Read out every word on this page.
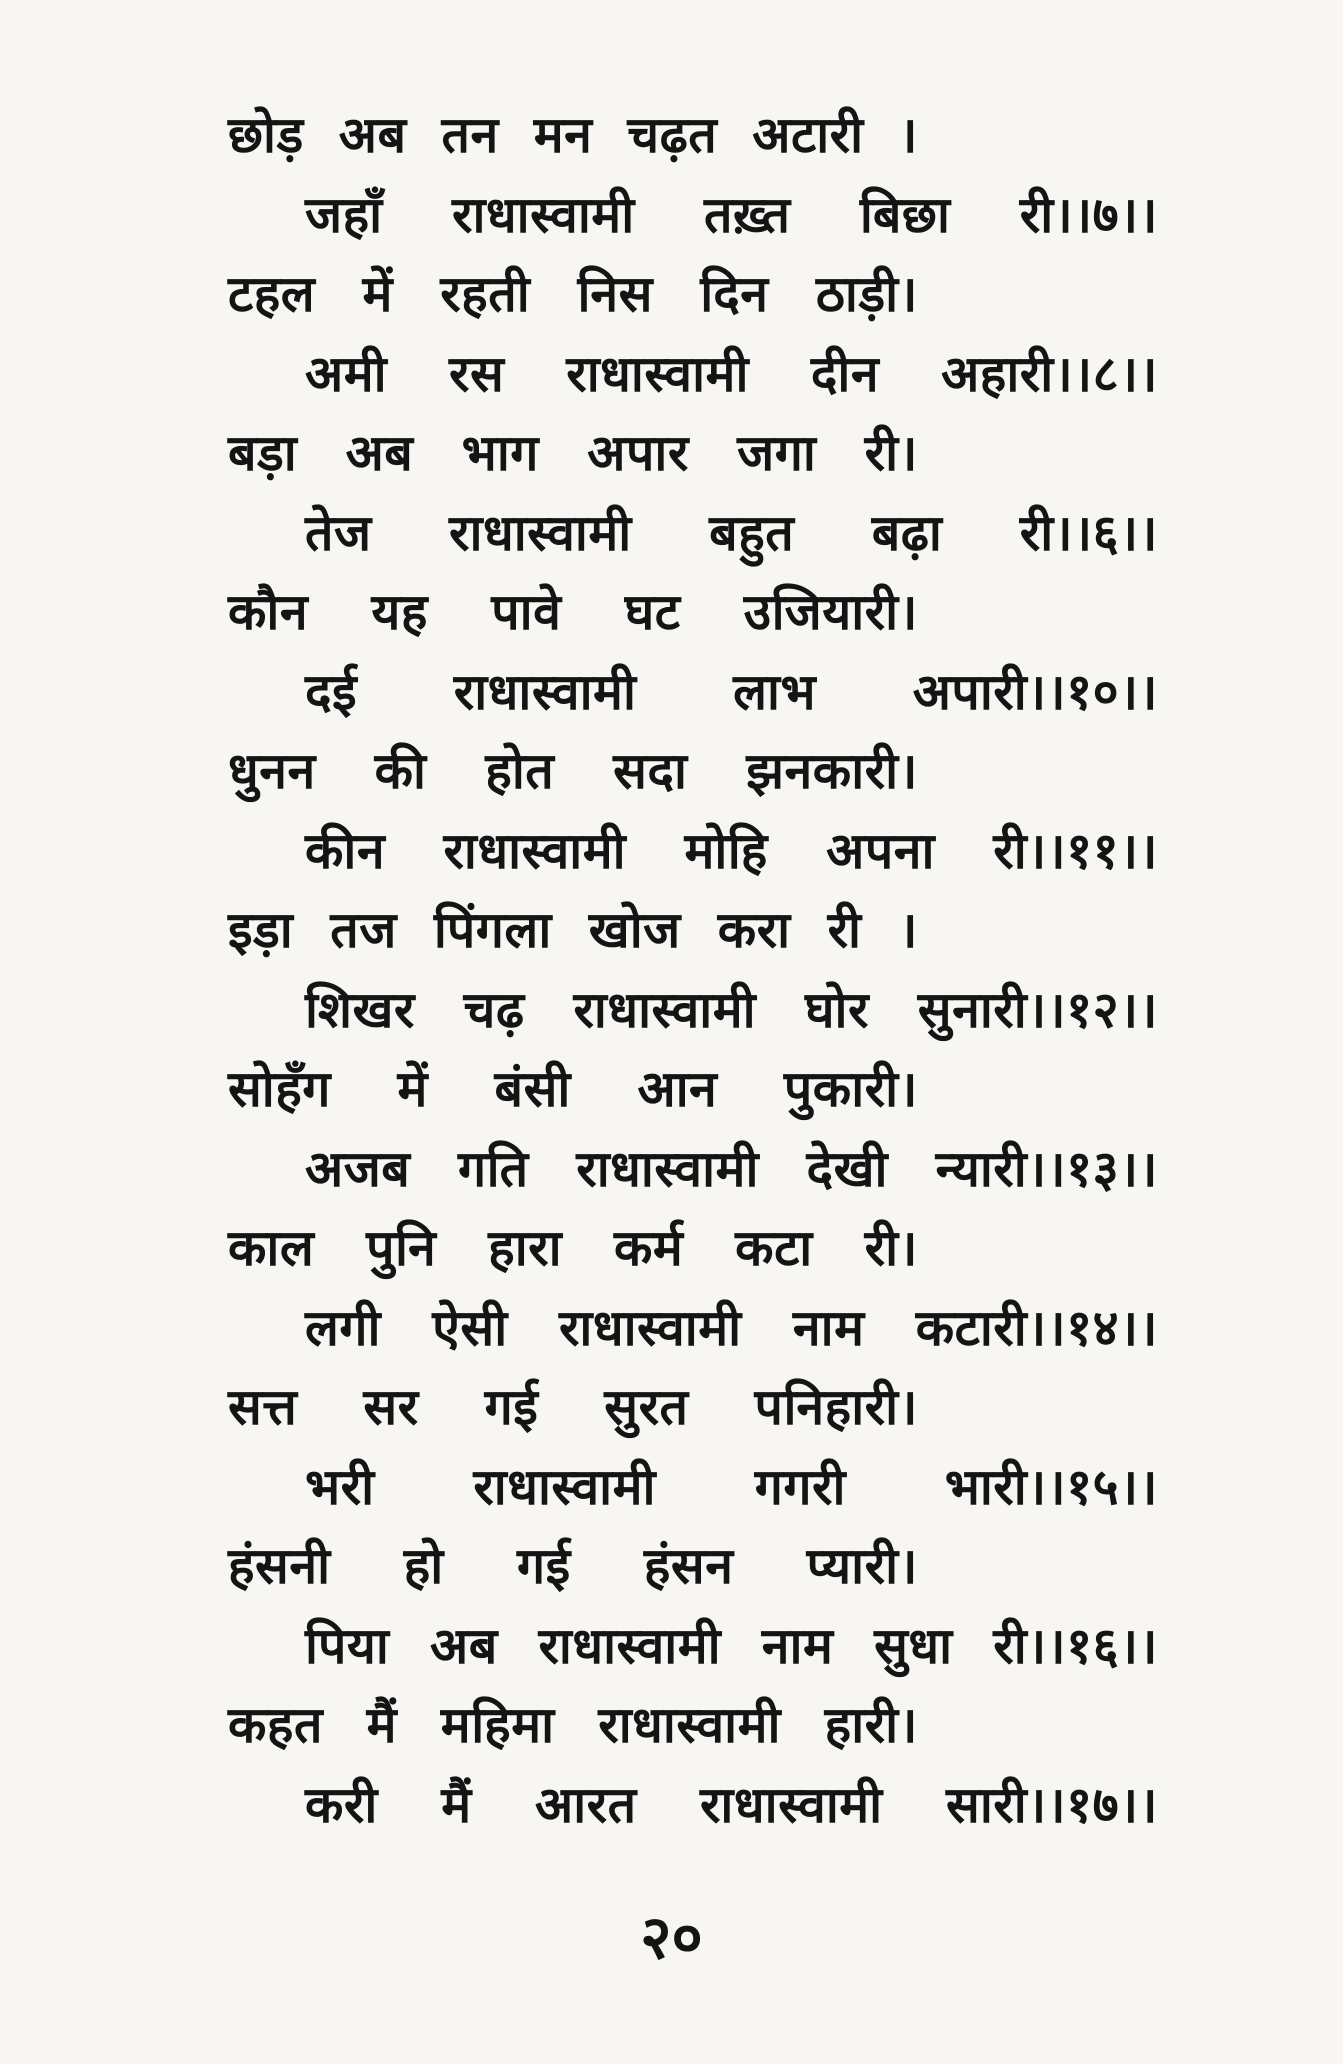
छोड़ अब तन मन चढ़त अटारी ।
जहाँ राधास्वामी तख़्त बिछा री।।७।।
टहल में रहती निस दिन ठाड़ी।
अमी रस राधास्वामी दीन अहारी।।८।।
बड़ा अब भाग अपार जगा री।
तेज राधास्वामी बहुत बढ़ा री।।६।।
कौन यह पावे घट उजियारी।
दई राधास्वामी लाभ अपारी।।१०।।
धुनन की होत सदा झनकारी।
कीन राधास्वामी मोहि अपना री।।११।।
इड़ा तज पिंगला खोज करा री ।
शिखर चढ़ राधास्वामी घोर सुनारी।।१२।।
सोहँग में बंसी आन पुकारी।
अजब गति राधास्वामी देखी न्यारी।।१३।।
काल पुनि हारा कर्म कटा री।
लगी ऐसी राधास्वामी नाम कटारी।।१४।।
सत्त सर गई सुरत पनिहारी।
भरी राधास्वामी गगरी भारी।।१५।।
हंसनी हो गई हंसन प्यारी।
पिया अब राधास्वामी नाम सुधा री।।१६।।
कहत मैं महिमा राधास्वामी हारी।
करी मैं आरत राधास्वामी सारी।।१७।।
२०
